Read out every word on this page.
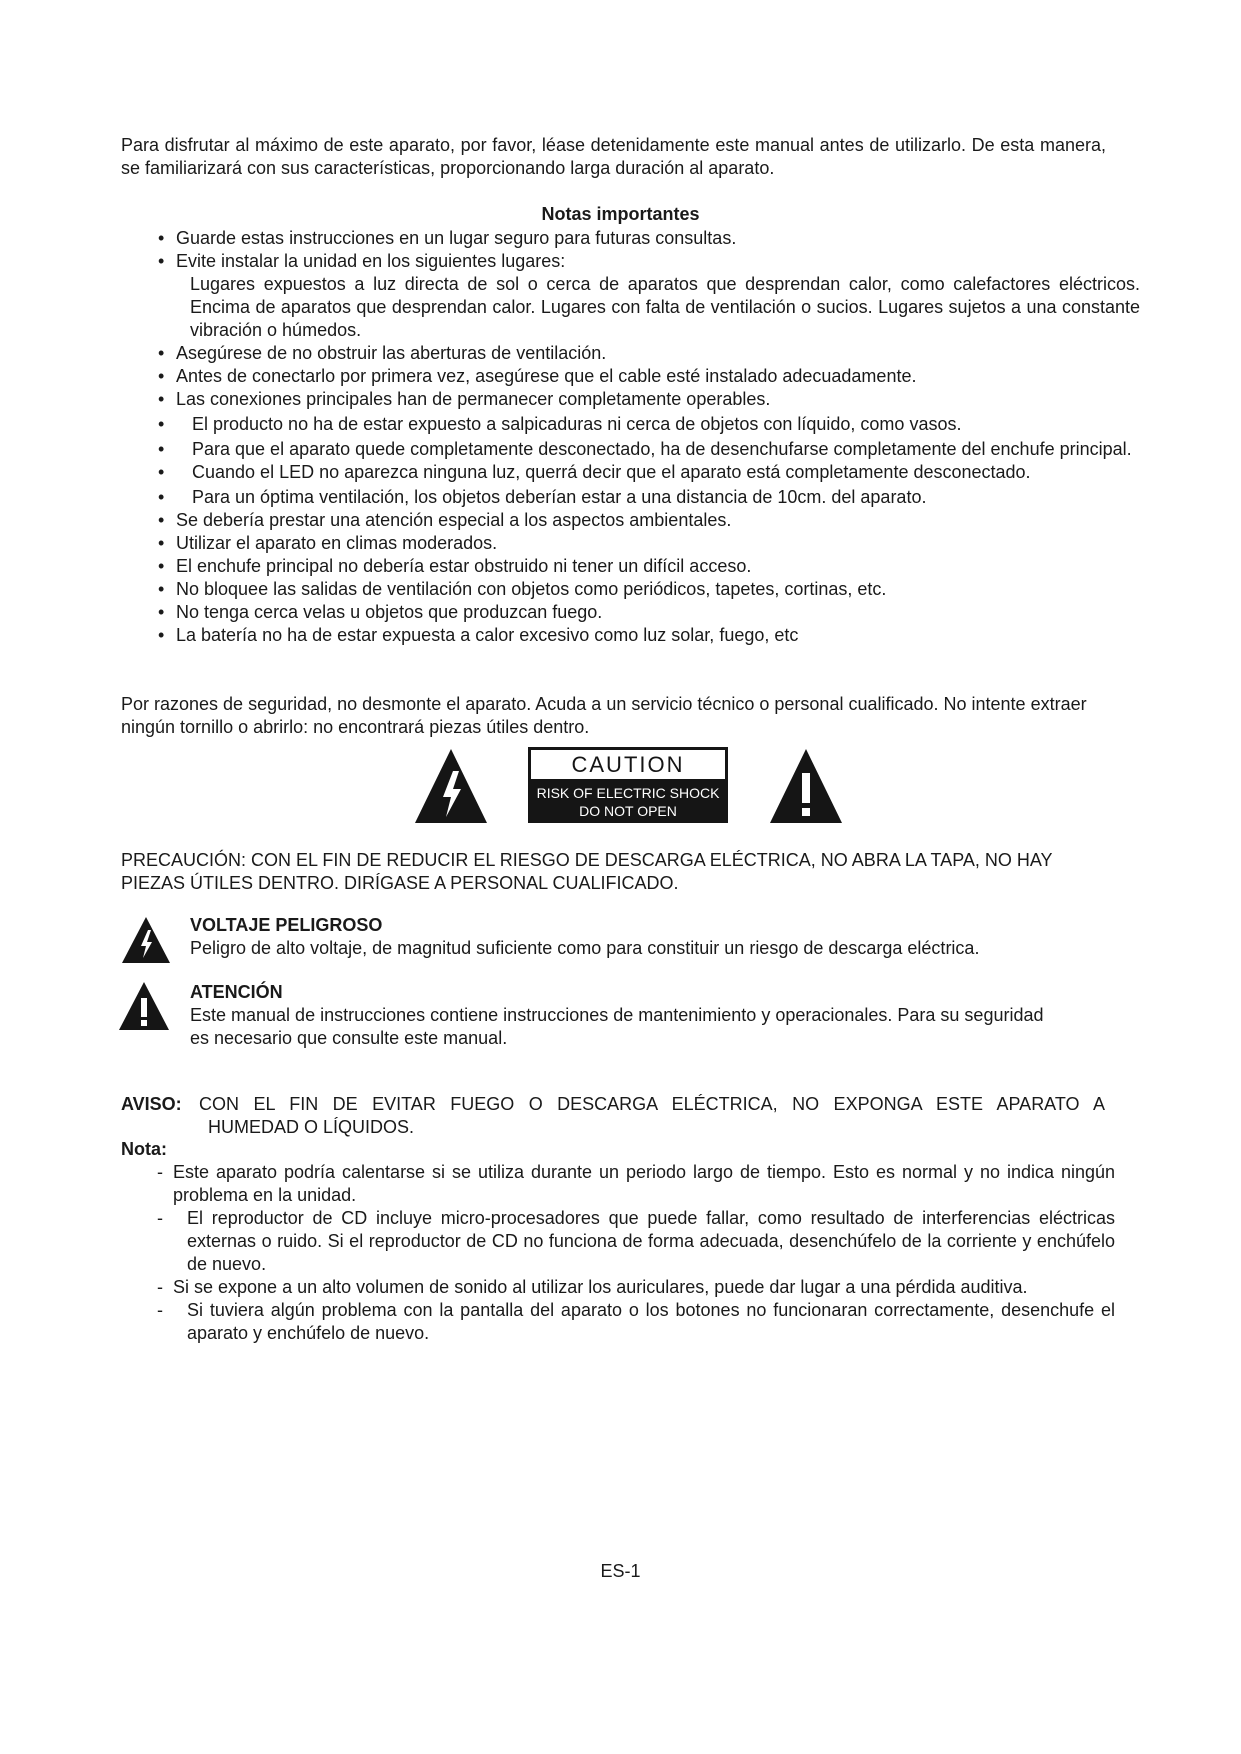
Para disfrutar al máximo de este aparato, por favor, léase detenidamente este manual antes de utilizarlo. De esta manera, se familiarizará con sus características, proporcionando larga duración al aparato.

Notas importantes
• Guarde estas instrucciones en un lugar seguro para futuras consultas.
• Evite instalar la unidad en los siguientes lugares:
Lugares expuestos a luz directa de sol o cerca de aparatos que desprendan calor, como calefactores eléctricos. Encima de aparatos que desprendan calor. Lugares con falta de ventilación o sucios. Lugares sujetos a una constante vibración o húmedos.
• Asegúrese de no obstruir las aberturas de ventilación.
• Antes de conectarlo por primera vez, asegúrese que el cable esté instalado adecuadamente.
• Las conexiones principales han de permanecer completamente operables.
• El producto no ha de estar expuesto a salpicaduras ni cerca de objetos con líquido, como vasos.
• Para que el aparato quede completamente desconectado, ha de desenchufarse completamente del enchufe principal.
• Cuando el LED no aparezca ninguna luz, querrá decir que el aparato está completamente desconectado.
• Para un óptima ventilación, los objetos deberían estar a una distancia de 10cm. del aparato.
• Se debería prestar una atención especial a los aspectos ambientales.
• Utilizar el aparato en climas moderados.
• El enchufe principal no debería estar obstruido ni tener un difícil acceso.
• No bloquee las salidas de ventilación con objetos como periódicos, tapetes, cortinas, etc.
• No tenga cerca velas u objetos que produzcan fuego.
• La batería no ha de estar expuesta a calor excesivo como luz solar, fuego, etc

Por razones de seguridad, no desmonte el aparato. Acuda a un servicio técnico o personal cualificado. No intente extraer ningún tornillo o abrirlo: no encontrará piezas útiles dentro.

CAUTION
RISK OF ELECTRIC SHOCK
DO NOT OPEN

PRECAUCIÓN: CON EL FIN DE REDUCIR EL RIESGO DE DESCARGA ELÉCTRICA, NO ABRA LA TAPA, NO HAY PIEZAS ÚTILES DENTRO. DIRÍGASE A PERSONAL CUALIFICADO.

VOLTAJE PELIGROSO
Peligro de alto voltaje, de magnitud suficiente como para constituir un riesgo de descarga eléctrica.
ATENCIÓN
Este manual de instrucciones contiene instrucciones de mantenimiento y operacionales. Para su seguridad
es necesario que consulte este manual.
AVISO: CON EL FIN DE EVITAR FUEGO O DESCARGA ELÉCTRICA, NO EXPONGA ESTE APARATO A
HUMEDAD O LÍQUIDOS.
Nota:
- Este aparato podría calentarse si se utiliza durante un periodo largo de tiempo. Esto es normal y no indica ningún problema en la unidad.
- El reproductor de CD incluye micro-procesadores que puede fallar, como resultado de interferencias eléctricas externas o ruido. Si el reproductor de CD no funciona de forma adecuada, desenchúfelo de la corriente y enchúfelo de nuevo.
- Si se expone a un alto volumen de sonido al utilizar los auriculares, puede dar lugar a una pérdida auditiva.
- Si tuviera algún problema con la pantalla del aparato o los botones no funcionaran correctamente, desenchufe el aparato y enchúfelo de nuevo.
ES-1
